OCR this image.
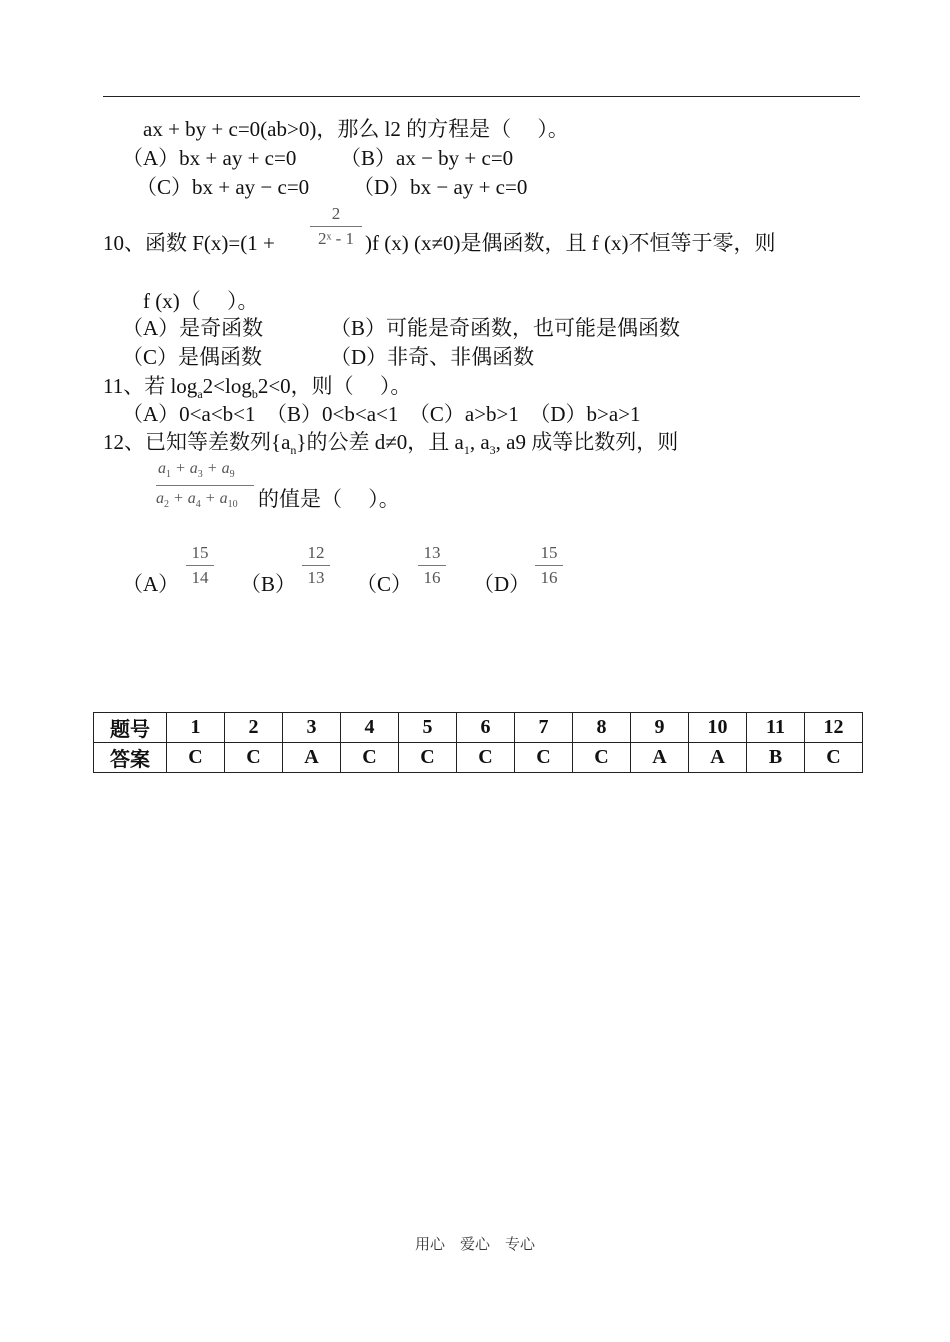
ax + by + c=0(ab>0)，那么 l2 的方程是（　 ）。
（A）bx + ay + c=0 （B）ax − by + c=0
（C）bx + ay − c=0 （D）bx − ay + c=0
10、函数 F(x)=(1 +
2
2ˣ - 1 )f (x) (x≠0)是偶函数，且 f (x)不恒等于零，则
f (x)（　 ）。
（A）是奇函数	（B）可能是奇函数，也可能是偶函数
（C）是偶函数	（D）非奇、非偶函数
11、若 $\log_a2<\log_b2<0$，则（　 ）。
（A）0<a<b<1　（B）0<b<a<1　（C）a>b>1　（D）b>a>1
12、已知等差数列$\{a_n\}$的公差 d≠0，且 $a_1$, $a_3$, a9 成等比数列，则
$a_1 + a_3 + a_9$
$a_2 + a_4 + a_{10}$ 的值是（　 ）。
（A）
15
14 （B）
12
13 （C）
13
16 （D）
15
16
题号	1	2	3	4	5	6	7	8	9	10	11	12
答案	C	C	A	C	C	C	C	C	A	A	B	C
用心　爱心　专心
